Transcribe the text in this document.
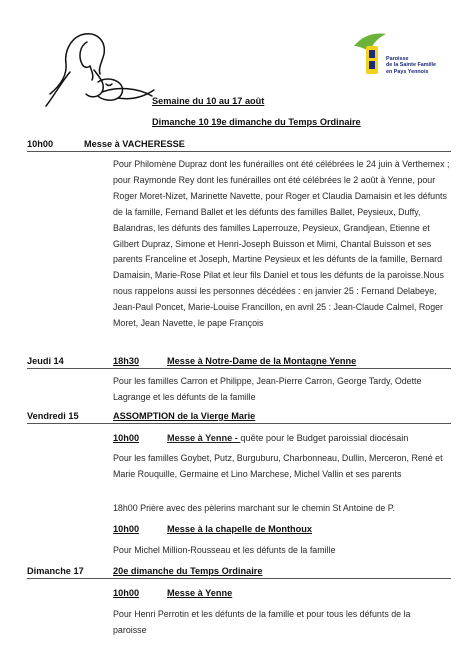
Paroisse
de la Sainte Famille
en Pays Yennois
Semaine du 10 au 17 août
Dimanche 10 19e dimanche du Temps Ordinaire
10h00	Messe à VACHERESSE
Pour Philomène Dupraz dont les funérailles ont été célébrées le 24 juin à Verthemex ; pour Raymonde Rey dont les funérailles ont été célébrées le 2 août à Yenne, pour Roger Moret-Nizet, Marinette Navette, pour Roger et Claudia Damaisin et les défunts de la famille, Fernand Ballet et les défunts des familles Ballet, Peysieux, Duffy, Balandras, les défunts des familles Laperrouze, Peysieux, Grandjean, Etienne et Gilbert Dupraz, Simone et Henri-Joseph Buisson et Mimi, Chantal Buisson et ses parents Franceline et Joseph, Martine Peysieux et les défunts de la famille, Bernard Damaisin, Marie-Rose Pilat et leur fils Daniel et tous les défunts de la paroisse.Nous nous rappelons aussi les personnes décédées : en janvier 25 : Fernand Delabeye, Jean-Paul Poncet, Marie-Louise Francillon, en avril 25 : Jean-Claude Calmel, Roger Moret, Jean Navette, le pape François
Jeudi 14	18h30	Messe à Notre-Dame de la Montagne Yenne
Pour les familles Carron et Philippe, Jean-Pierre Carron, George Tardy, Odette Lagrange et les défunts de la famille
Vendredi 15	ASSOMPTION de la Vierge Marie
10h00	Messe à Yenne - quête pour le Budget paroissial diocésain
Pour les familles Goybet, Putz, Burguburu, Charbonneau, Dullin, Merceron, René et Marie Rouquille, Germaine et Lino Marchese, Michel Vallin et ses parents
18h00 Prière avec des pèlerins marchant sur le chemin St Antoine de P.
10h00	Messe à la chapelle de Monthoux
Pour Michel Million-Rousseau et les défunts de la famille
Dimanche 17	20e dimanche du Temps Ordinaire
10h00	Messe à Yenne
Pour Henri Perrotin et les défunts de la famille et pour tous les défunts de la paroisse
